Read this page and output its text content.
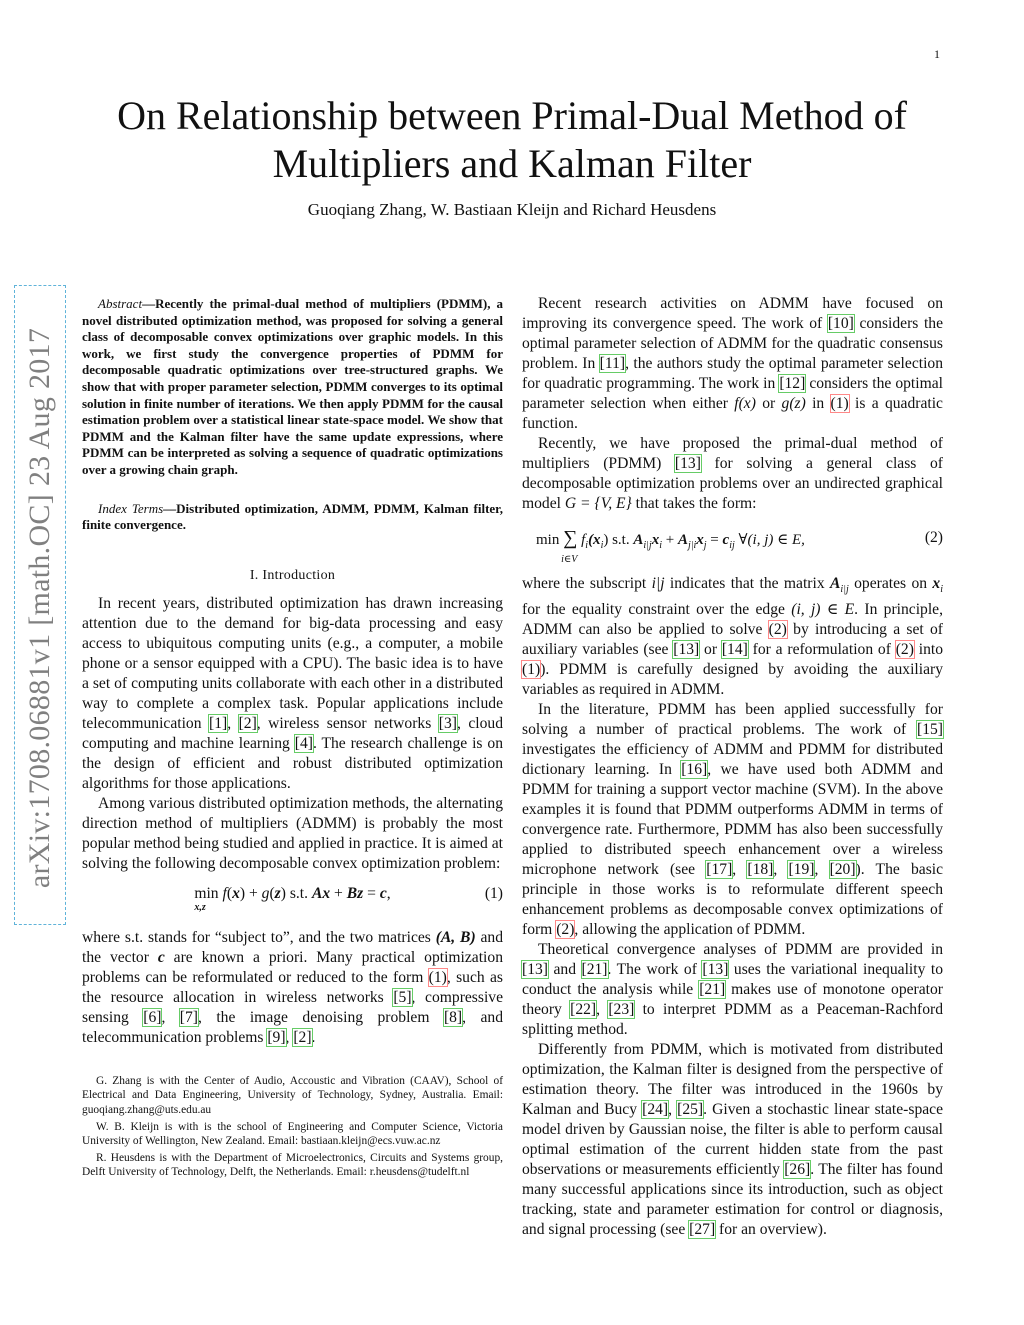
1
arXiv:1708.06881v1 [math.OC] 23 Aug 2017
On Relationship between Primal-Dual Method of
Multipliers and Kalman Filter

Guoqiang Zhang, W. Bastiaan Kleijn and Richard Heusdens

Abstract—Recently the primal-dual method of multipliers (PDMM), a novel distributed optimization method, was proposed for solving a general class of decomposable convex optimizations over graphic models. In this work, we first study the convergence properties of PDMM for decomposable quadratic optimizations over tree-structured graphs. We show that with proper parameter selection, PDMM converges to its optimal solution in finite number of iterations. We then apply PDMM for the causal estimation problem over a statistical linear state-space model. We show that PDMM and the Kalman filter have the same update expressions, where PDMM can be interpreted as solving a sequence of quadratic optimizations over a growing chain graph.

Index Terms—Distributed optimization, ADMM, PDMM, Kalman filter, finite convergence.

I. Introduction

In recent years, distributed optimization has drawn increasing attention due to the demand for big-data processing and easy access to ubiquitous computing units (e.g., a computer, a mobile phone or a sensor equipped with a CPU). The basic idea is to have a set of computing units collaborate with each other in a distributed way to complete a complex task. Popular applications include telecommunication [1], [2], wireless sensor networks [3], cloud computing and machine learning [4]. The research challenge is on the design of efficient and robust distributed optimization algorithms for those applications.

Among various distributed optimization methods, the alternating direction method of multipliers (ADMM) is probably the most popular method being studied and applied in practice. It is aimed at solving the following decomposable convex optimization problem:

min
x,z
f(x) + g(z) s.t. Ax + Bz = c,	(1)

where s.t. stands for “subject to”, and the two matrices (A, B) and the vector c are known a priori. Many practical optimization problems can be reformulated or reduced to the form (1), such as the resource allocation in wireless networks [5], compressive sensing [6], [7], the image denoising problem [8], and telecommunication problems [9], [2].

G. Zhang is with the Center of Audio, Accoustic and Vibration (CAAV), School of Electrical and Data Engineering, University of Technology, Sydney, Australia. Email: guoqiang.zhang@uts.edu.au

W. B. Kleijn is with is the school of Engineering and Computer Science, Victoria University of Wellington, New Zealand. Email: bastiaan.kleijn@ecs.vuw.ac.nz

R. Heusdens is with the Department of Microelectronics, Circuits and Systems group, Delft University of Technology, Delft, the Netherlands. Email: r.heusdens@tudelft.nl

Recent research activities on ADMM have focused on improving its convergence speed. The work of [10] considers the optimal parameter selection of ADMM for the quadratic consensus problem. In [11], the authors study the optimal parameter selection for quadratic programming. The work in [12] considers the optimal parameter selection when either f(x) or g(z) in (1) is a quadratic function.

Recently, we have proposed the primal-dual method of multipliers (PDMM) [13] for solving a general class of decomposable optimization problems over an undirected graphical model G = {V, E} that takes the form:

min ∑
i∈V
$f_i(x_i)$ s.t. $A_{i|j}x_i + A_{j|i}x_j = c_{ij}$ ∀(i, j) ∈ E,	(2)

where the subscript i|j indicates that the matrix $A_{i|j}$ operates on $x_i$ for the equality constraint over the edge (i, j) ∈ E. In principle, ADMM can also be applied to solve (2) by introducing a set of auxiliary variables (see [13] or [14] for a reformulation of (2) into (1)). PDMM is carefully designed by avoiding the auxiliary variables as required in ADMM.

In the literature, PDMM has been applied successfully for solving a number of practical problems. The work of [15] investigates the efficiency of ADMM and PDMM for distributed dictionary learning. In [16], we have used both ADMM and PDMM for training a support vector machine (SVM). In the above examples it is found that PDMM outperforms ADMM in terms of convergence rate. Furthermore, PDMM has also been successfully applied to distributed speech enhancement over a wireless microphone network (see [17], [18], [19], [20]). The basic principle in those works is to reformulate different speech enhancement problems as decomposable convex optimizations of form (2), allowing the application of PDMM.

Theoretical convergence analyses of PDMM are provided in [13] and [21]. The work of [13] uses the variational inequality to conduct the analysis while [21] makes use of monotone operator theory [22], [23] to interpret PDMM as a Peaceman-Rachford splitting method.

Differently from PDMM, which is motivated from distributed optimization, the Kalman filter is designed from the perspective of estimation theory. The filter was introduced in the 1960s by Kalman and Bucy [24], [25]. Given a stochastic linear state-space model driven by Gaussian noise, the filter is able to perform causal optimal estimation of the current hidden state from the past observations or measurements efficiently [26]. The filter has found many successful applications since its introduction, such as object tracking, state and parameter estimation for control or diagnosis, and signal processing (see [27] for an overview).
